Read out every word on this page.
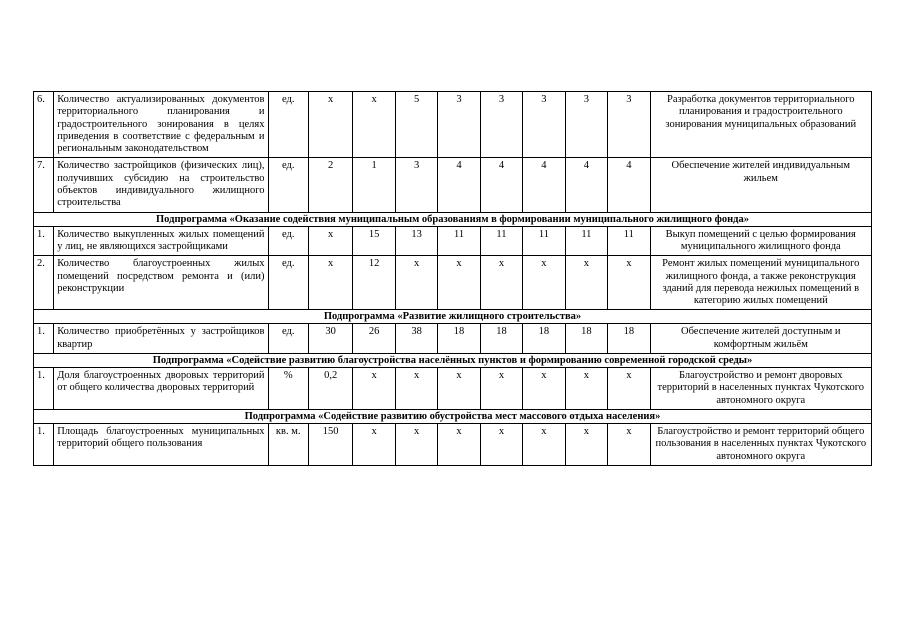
6.	Количество актуализированных документов территориального планирования и градостроительного зонирования в целях приведения в соответствие с федеральным и региональным законодательством	ед.	х	х	5	3	3	3	3	3	Разработка документов территориального планирования и градостроительного зонирования муниципальных образований
7.	Количество застройщиков (физических лиц), получивших субсидию на строительство объектов индивидуального жилищного строительства	ед.	2	1	3	4	4	4	4	4	Обеспечение жителей индивидуальным жильем
Подпрограмма «Оказание содействия муниципальным образованиям в формировании муниципального жилищного фонда»											
1.	Количество выкупленных жилых помещений у лиц, не являющихся застройщиками	ед.	х	15	13	11	11	11	11	11	Выкуп помещений с целью формирования муниципального жилищного фонда
2.	Количество благоустроенных жилых помещений посредством ремонта и (или) реконструкции	ед.	х	12	х	х	х	х	х	х	Ремонт жилых помещений муниципального жилищного фонда, а также реконструкция зданий для перевода нежилых помещений в категорию жилых помещений
Подпрограмма «Развитие жилищного строительства»											
1.	Количество приобретённых у застройщиков квартир	ед.	30	26	38	18	18	18	18	18	Обеспечение жителей доступным и комфортным жильём
Подпрограмма «Содействие развитию благоустройства населённых пунктов и формированию современной городской среды»											
1.	Доля благоустроенных дворовых территорий от общего количества дворовых территорий	%	0,2	х	х	х	х	х	х	х	Благоустройство и ремонт дворовых территорий в населенных пунктах Чукотского автономного округа
Подпрограмма «Содействие развитию обустройства мест массового отдыха населения»											
1.	Площадь благоустроенных муниципальных территорий общего пользования	кв. м.	150	х	х	х	х	х	х	х	Благоустройство и ремонт территорий общего пользования в населенных пунктах Чукотского автономного округа
